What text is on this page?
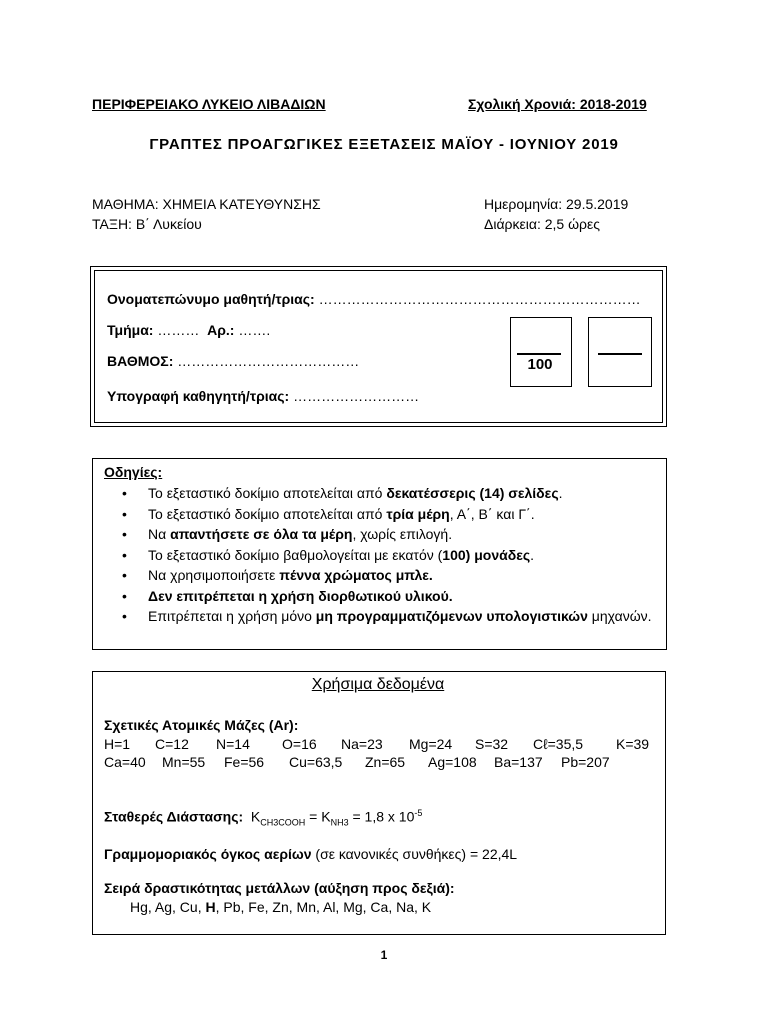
ΠΕΡΙΦΕΡΕΙΑΚΟ ΛΥΚΕΙΟ ΛΙΒΑΔΙΩΝ	Σχολική Χρονιά: 2018-2019
ΓΡΑΠΤΕΣ ΠΡΟΑΓΩΓΙΚΕΣ ΕΞΕΤΑΣΕΙΣ ΜΑΪΟΥ - ΙΟΥΝΙΟΥ 2019
ΜΑΘΗΜΑ: ΧΗΜΕΙΑ ΚΑΤΕΥΘΥΝΣΗΣ
ΤΑΞΗ: Β΄ Λυκείου
Ημερομηνία: 29.5.2019
Διάρκεια: 2,5 ώρες
Ονοματεπώνυμο μαθητή/τριας: ……………………………………………………………
Τμήμα: ……… Αρ.: …….
ΒΑΘΜΟΣ: …………………………………
Υπογραφή καθηγητή/τριας: ………………………
100
Οδηγίες:
• Το εξεταστικό δοκίμιο αποτελείται από δεκατέσσερις (14) σελίδες.
• Το εξεταστικό δοκίμιο αποτελείται από τρία μέρη, Α΄, Β΄ και Γ΄.
• Να απαντήσετε σε όλα τα μέρη, χωρίς επιλογή.
• Το εξεταστικό δοκίμιο βαθμολογείται με εκατόν (100) μονάδες.
• Να χρησιμοποιήσετε πέννα χρώματος μπλε.
• Δεν επιτρέπεται η χρήση διορθωτικού υλικού.
• Επιτρέπεται η χρήση μόνο μη προγραμματιζόμενων υπολογιστικών μηχανών.
Χρήσιμα δεδομένα
Σχετικές Ατομικές Μάζες (Ar):
H=1 C=12 N=14 O=16 Na=23 Mg=24 S=32 Cℓ=35,5 K=39
Ca=40 Mn=55 Fe=56 Cu=63,5 Zn=65 Ag=108 Ba=137 Pb=207
Σταθερές Διάστασης: $K_{CH3COOH} = K_{NH3} = 1,8$ x $10^{-5}$
Γραμμομοριακός όγκος αερίων (σε κανονικές συνθήκες) = 22,4L
Σειρά δραστικότητας μετάλλων (αύξηση προς δεξιά):
Hg, Ag, Cu, H, Pb, Fe, Zn, Mn, Al, Mg, Ca, Na, K
1
